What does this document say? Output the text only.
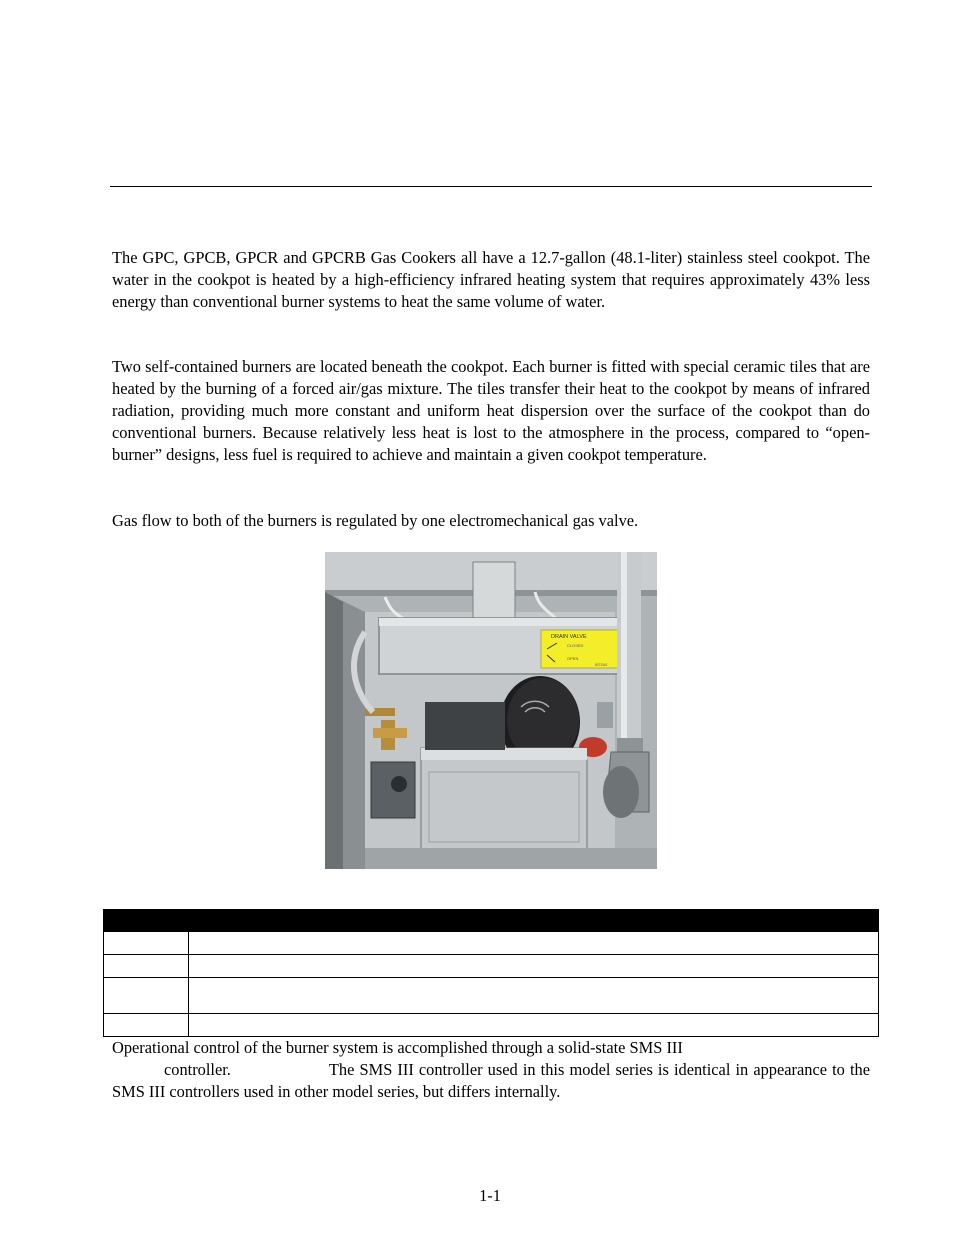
The GPC, GPCB, GPCR and GPCRB Gas Cookers all have a 12.7-gallon (48.1-liter) stainless steel cookpot. The water in the cookpot is heated by a high-efficiency infrared heating system that requires approximately 43% less energy than conventional burner systems to heat the same volume of water.

Two self-contained burners are located beneath the cookpot. Each burner is fitted with special ceramic tiles that are heated by the burning of a forced air/gas mixture. The tiles transfer their heat to the cookpot by means of infrared radiation, providing much more constant and uniform heat dispersion over the surface of the cookpot than do conventional burners. Because relatively less heat is lost to the atmosphere in the process, compared to “open-burner” designs, less fuel is required to achieve and maintain a given cookpot temperature.

Gas flow to both of the burners is regulated by one electromechanical gas valve.

DRAIN VALVE
CLOSED
OPEN
8072061

Operational control of the burner system is accomplished through a solid-state SMS III
controller.	The SMS III controller used in this model series is identical in appearance to the SMS III controllers used in other model series, but differs internally.

1-1
